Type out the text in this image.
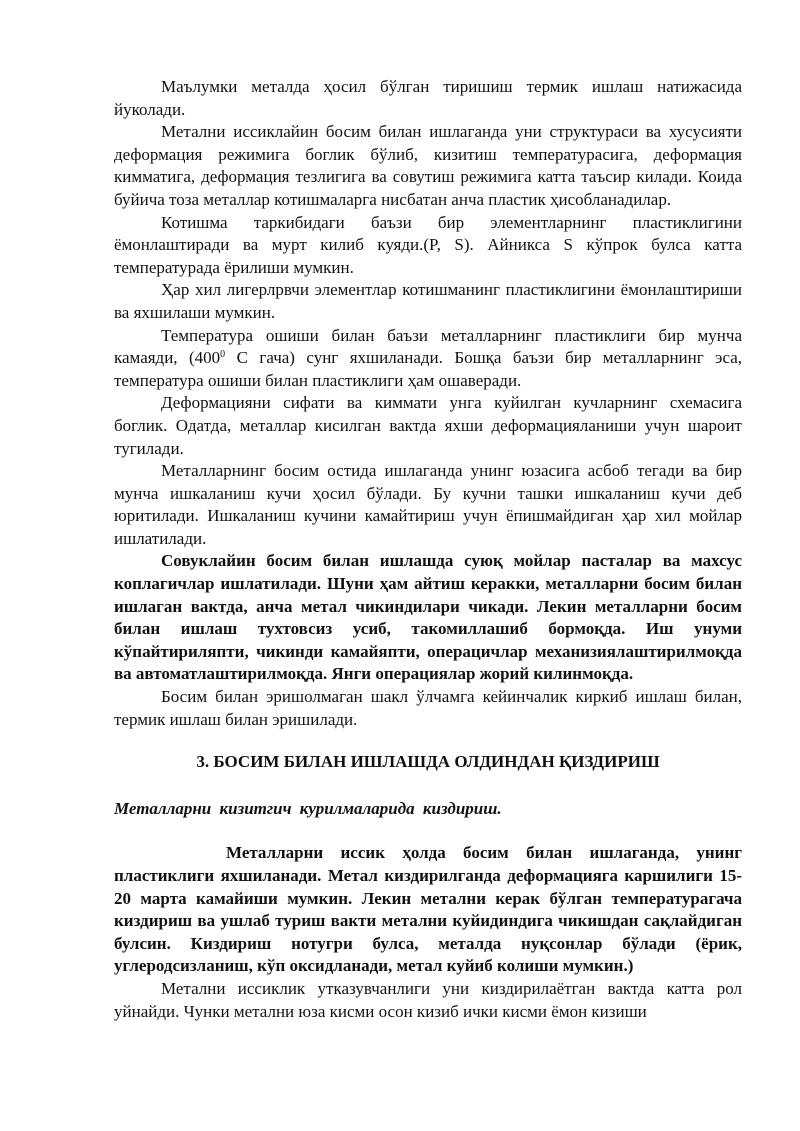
Маълумки металда ҳосил бўлган тиришиш термик ишлаш натижасида йуколади.

Метални иссиклайин босим билан ишлаганда уни структураси ва хусусияти деформация режимига боглик бўлиб, кизитиш температурасига, деформация кимматига, деформация тезлигига ва совутиш режимига катта таъсир килади. Коида буйича тоза металлар котишмаларга нисбатан анча пластик ҳисобланадилар.

Котишма таркибидаги баъзи бир элементларнинг пластиклигини ёмонлаштиради ва мурт килиб куяди.(P, S). Айникса S кўпрок булса катта температурада ёрилиши мумкин.

Ҳар хил лигерлрвчи элементлар котишманинг пластиклигини ёмонлаштириши ва яхшилаши мумкин.

Температура ошиши билан баъзи металларнинг пластиклиги бир мунча камаяди, ($400^0$ С гача) сунг яхшиланади. Бошқа баъзи бир металларнинг эса, температура ошиши билан пластиклиги ҳам ошаверади.

Деформацияни сифати ва киммати унга куйилган кучларнинг схемасига боглик. Одатда, металлар кисилган вактда яхши деформацияланиши учун шароит тугилади.

Металларнинг босим остида ишлаганда унинг юзасига асбоб тегади ва бир мунча ишкаланиш кучи ҳосил бўлади. Бу кучни ташки ишкаланиш кучи деб юритилади. Ишкаланиш кучини камайтириш учун ёпишмайдиган ҳар хил мойлар ишлатилади.

Совуклайин босим билан ишлашда суюқ мойлар пасталар ва махсус коплагичлар ишлатилади. Шуни ҳам айтиш керакки, металларни босим билан ишлаган вактда, анча метал чикиндилари чикади. Лекин металларни босим билан ишлаш тухтовсиз усиб, такомиллашиб бормоқда. Иш унуми кўпайтириляпти, чикинди камайяпти, операцичлар механизиялаштирилмоқда ва автоматлаштирилмоқда. Янги операциялар жорий килинмоқда.

Босим билан эришолмаган шакл ўлчамга кейинчалик киркиб ишлаш билан, термик ишлаш билан эришилади.

3. БОСИМ БИЛАН ИШЛАШДА ОЛДИНДАН ҚИЗДИРИШ

Металларни кизитгич курилмаларида киздириш.

Металларни иссик ҳолда босим билан ишлаганда, унинг пластиклиги яхшиланади. Метал киздирилганда деформацияга каршилиги 15-20 марта камайиши мумкин. Лекин метални керак бўлган температурагача киздириш ва ушлаб туриш вакти метални куйидиндига чикишдан сақлайдиган булсин. Киздириш нотугри булса, металда нуқсонлар бўлади (ёрик, углеродсизланиш, кўп оксидланади, метал куйиб колиши мумкин.)

Метални иссиклик утказувчанлиги уни киздирилаётган вактда катта рол уйнайди. Чунки метални юза кисми осон кизиб ички кисми ёмон кизиши
